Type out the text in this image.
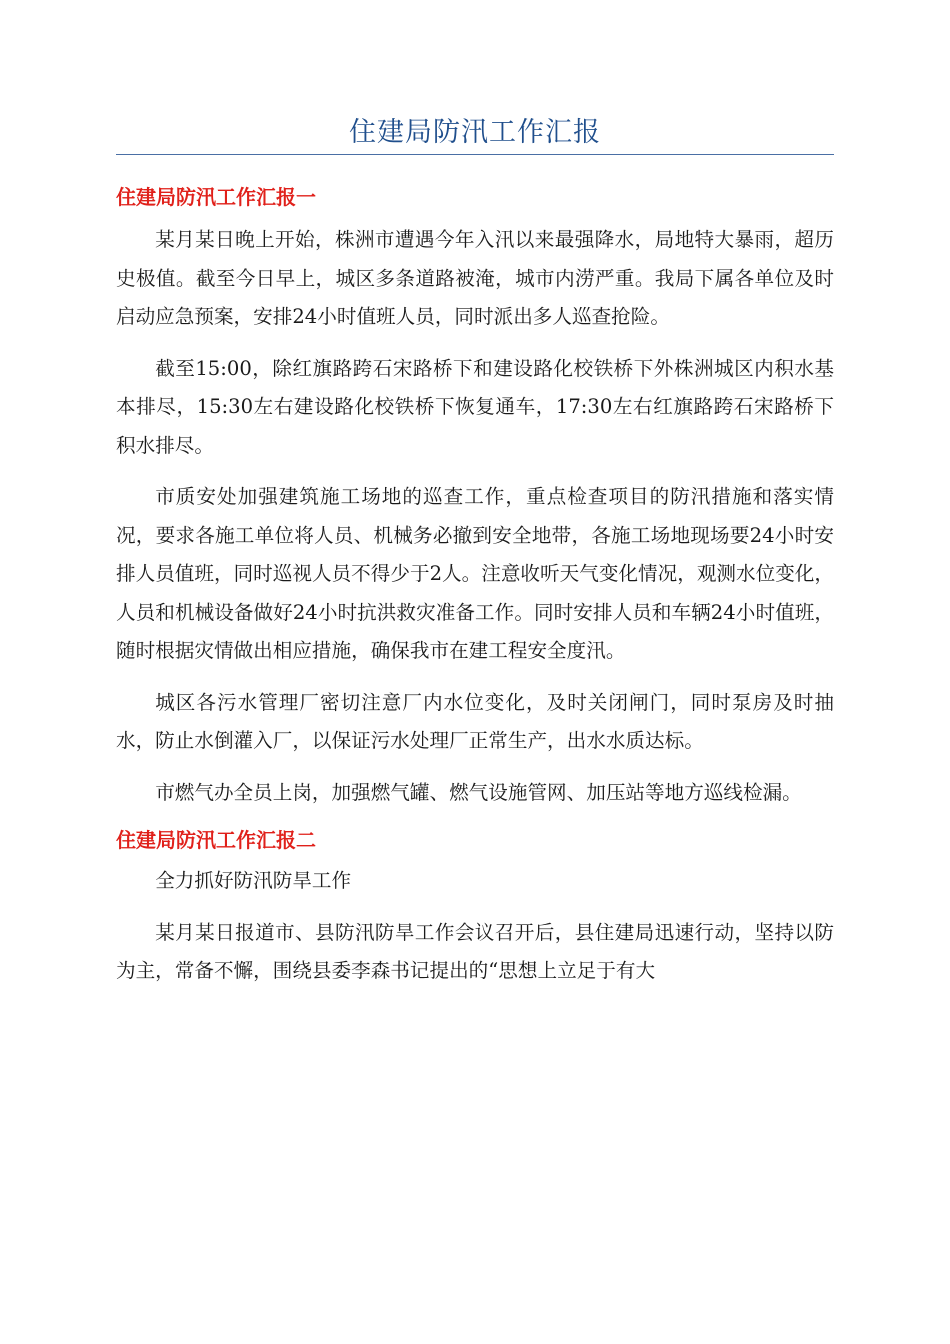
住建局防汛工作汇报
住建局防汛工作汇报一

某月某日晚上开始，株洲市遭遇今年入汛以来最强降水，局地特大暴雨，超历史极值。截至今日早上，城区多条道路被淹，城市内涝严重。我局下属各单位及时启动应急预案，安排24小时值班人员，同时派出多人巡查抢险。

截至15:00，除红旗路跨石宋路桥下和建设路化校铁桥下外株洲城区内积水基本排尽，15:30左右建设路化校铁桥下恢复通车，17:30左右红旗路跨石宋路桥下积水排尽。

市质安处加强建筑施工场地的巡查工作，重点检查项目的防汛措施和落实情况，要求各施工单位将人员、机械务必撤到安全地带，各施工场地现场要24小时安排人员值班，同时巡视人员不得少于2人。注意收听天气变化情况，观测水位变化，人员和机械设备做好24小时抗洪救灾准备工作。同时安排人员和车辆24小时值班，随时根据灾情做出相应措施，确保我市在建工程安全度汛。

城区各污水管理厂密切注意厂内水位变化，及时关闭闸门，同时泵房及时抽水，防止水倒灌入厂，以保证污水处理厂正常生产，出水水质达标。

市燃气办全员上岗，加强燃气罐、燃气设施管网、加压站等地方巡线检漏。

住建局防汛工作汇报二

全力抓好防汛防旱工作

某月某日报道市、县防汛防旱工作会议召开后，县住建局迅速行动，坚持以防为主，常备不懈，围绕县委李森书记提出的“思想上立足于有大
